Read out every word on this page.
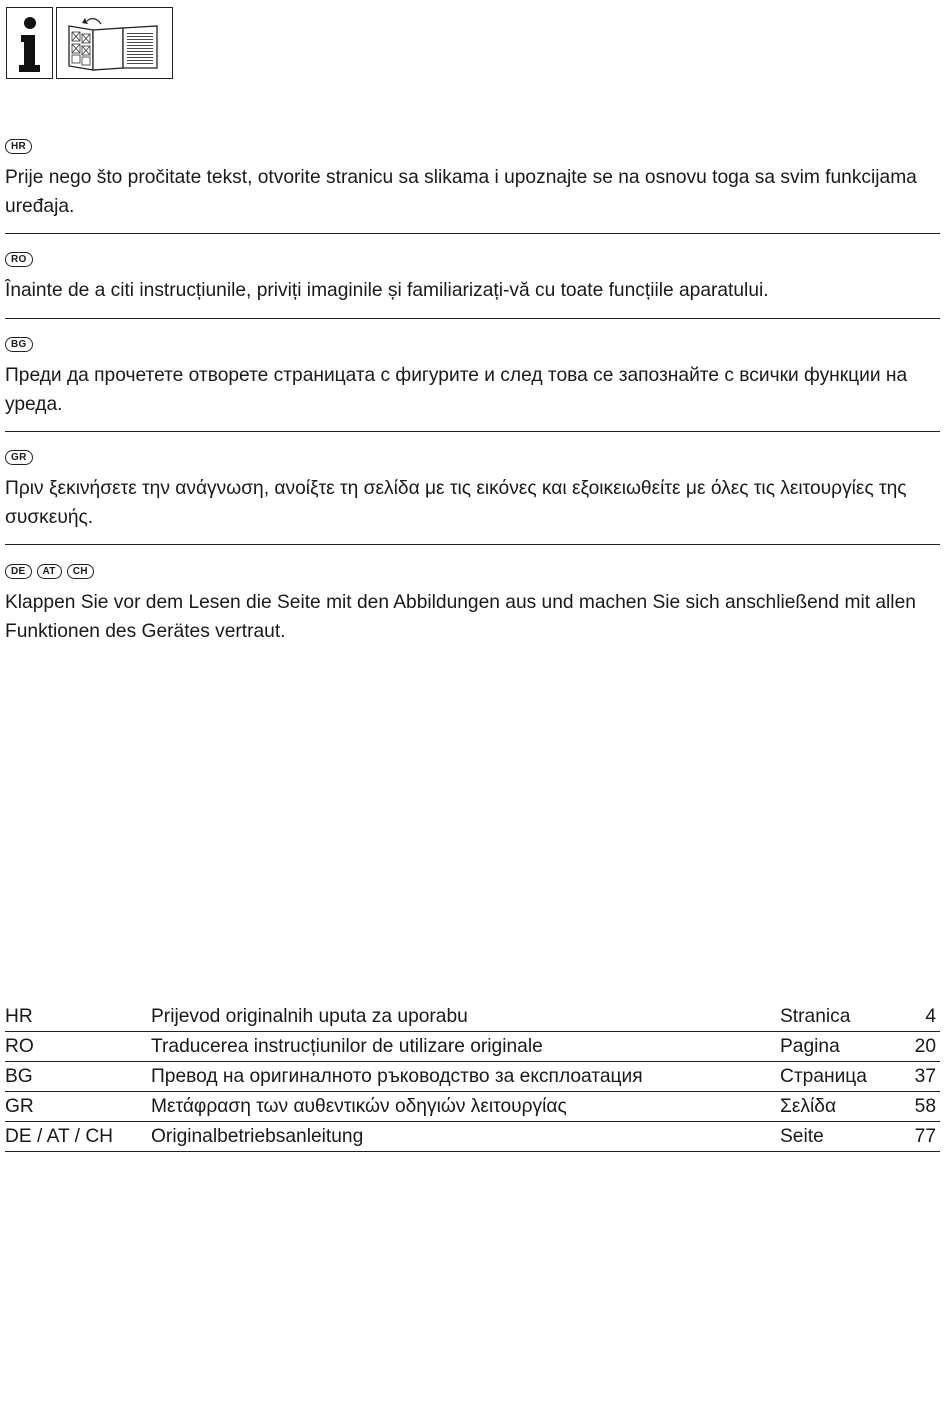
HR

Prije nego što pročitate tekst, otvorite stranicu sa slikama i upoznajte se na osnovu toga sa svim funkcijama uređaja.

RO

Înainte de a citi instrucțiunile, priviți imaginile și familiarizați-vă cu toate funcțiile aparatului.

BG

Преди да прочетете отворете страницата с фигурите и след това се запознайте с всички функции на уреда.

GR

Πριν ξεκινήσετε την ανάγνωση, ανοίξτε τη σελίδα με τις εικόνες και εξοικειωθείτε με όλες τις λειτουργίες της συσκευής.

DE	AT	CH

Klappen Sie vor dem Lesen die Seite mit den Abbildungen aus und machen Sie sich anschließend mit allen Funktionen des Gerätes vertraut.

HR	Prijevod originalnih uputa za uporabu	Stranica	4
RO	Traducerea instrucțiunilor de utilizare originale	Pagina	20
BG	Превод на оригиналното ръководство за експлоатация	Страница	37
GR	Μετάφραση των αυθεντικών οδηγιών λειτουργίας	Σελίδα	58
DE / AT / CH	Originalbetriebsanleitung	Seite	77
